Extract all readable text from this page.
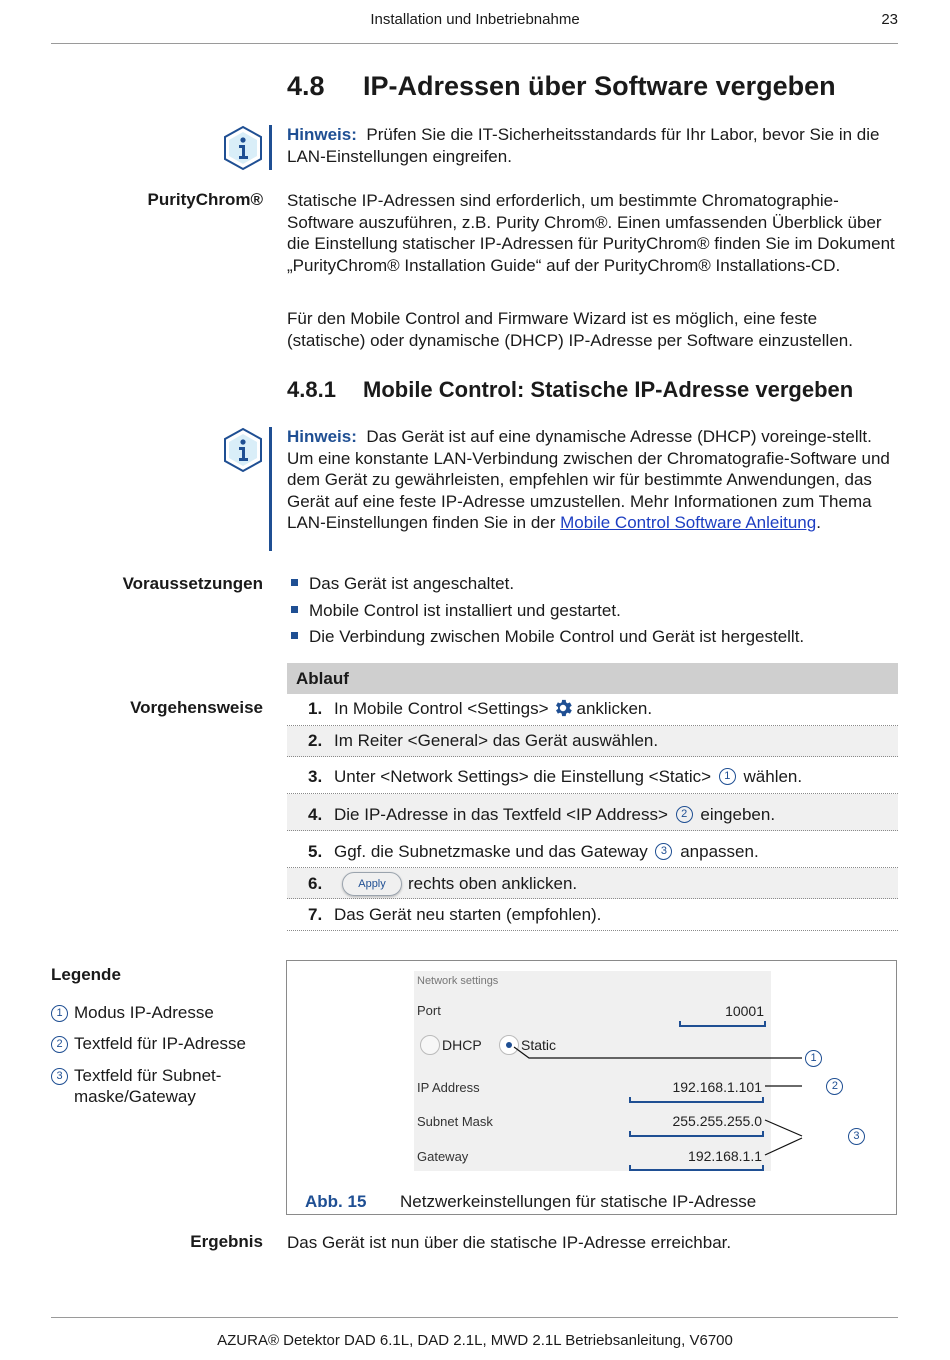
Installation und Inbetriebnahme	23
4.8 IP-Adressen über Software vergeben
Hinweis: Prüfen Sie die IT-Sicherheitsstandards für Ihr Labor, bevor Sie in die LAN-Einstellungen eingreifen.
PurityChrom® Statische IP-Adressen sind erforderlich, um bestimmte Chromatographie-Software auszuführen, z.B. Purity Chrom®. Einen umfassenden Überblick über die Einstellung statischer IP-Adressen für PurityChrom® finden Sie im Dokument „PurityChrom® Installation Guide“ auf der PurityChrom® Installations-CD.
Für den Mobile Control and Firmware Wizard ist es möglich, eine feste (statische) oder dynamische (DHCP) IP-Adresse per Software einzustellen.
4.8.1 Mobile Control: Statische IP-Adresse vergeben
Hinweis: Das Gerät ist auf eine dynamische Adresse (DHCP) voreinge-stellt. Um eine konstante LAN-Verbindung zwischen der Chromatografie-Software und dem Gerät zu gewährleisten, empfehlen wir für bestimmte Anwendungen, das Gerät auf eine feste IP-Adresse umzustellen. Mehr Informationen zum Thema LAN-Einstellungen finden Sie in der Mobile Control Software Anleitung.
Voraussetzungen	Das Gerät ist angeschaltet.
Mobile Control ist installiert und gestartet.
Die Verbindung zwischen Mobile Control und Gerät ist hergestellt.
Ablauf
Vorgehensweise	1. In Mobile Control <Settings> anklicken.
2. Im Reiter <General> das Gerät auswählen.
3. Unter <Network Settings> die Einstellung <Static> 1 wählen.
4. Die IP-Adresse in das Textfeld <IP Address> 2 eingeben.
5. Ggf. die Subnetzmaske und das Gateway 3 anpassen.
6.	Apply rechts oben anklicken.
7. Das Gerät neu starten (empfohlen).
Legende
1 Modus IP-Adresse
2 Textfeld für IP-Adresse
3 Textfeld für Subnet-maske/Gateway
Network settings
Port	10001
DHCP	Static
IP Address	192.168.1.101
Subnet Mask	255.255.255.0
Gateway	192.168.1.1
1 2 3
Abb. 15 Netzwerkeinstellungen für statische IP-Adresse
Ergebnis Das Gerät ist nun über die statische IP-Adresse erreichbar.
AZURA® Detektor DAD 6.1L, DAD 2.1L, MWD 2.1L Betriebsanleitung, V6700
